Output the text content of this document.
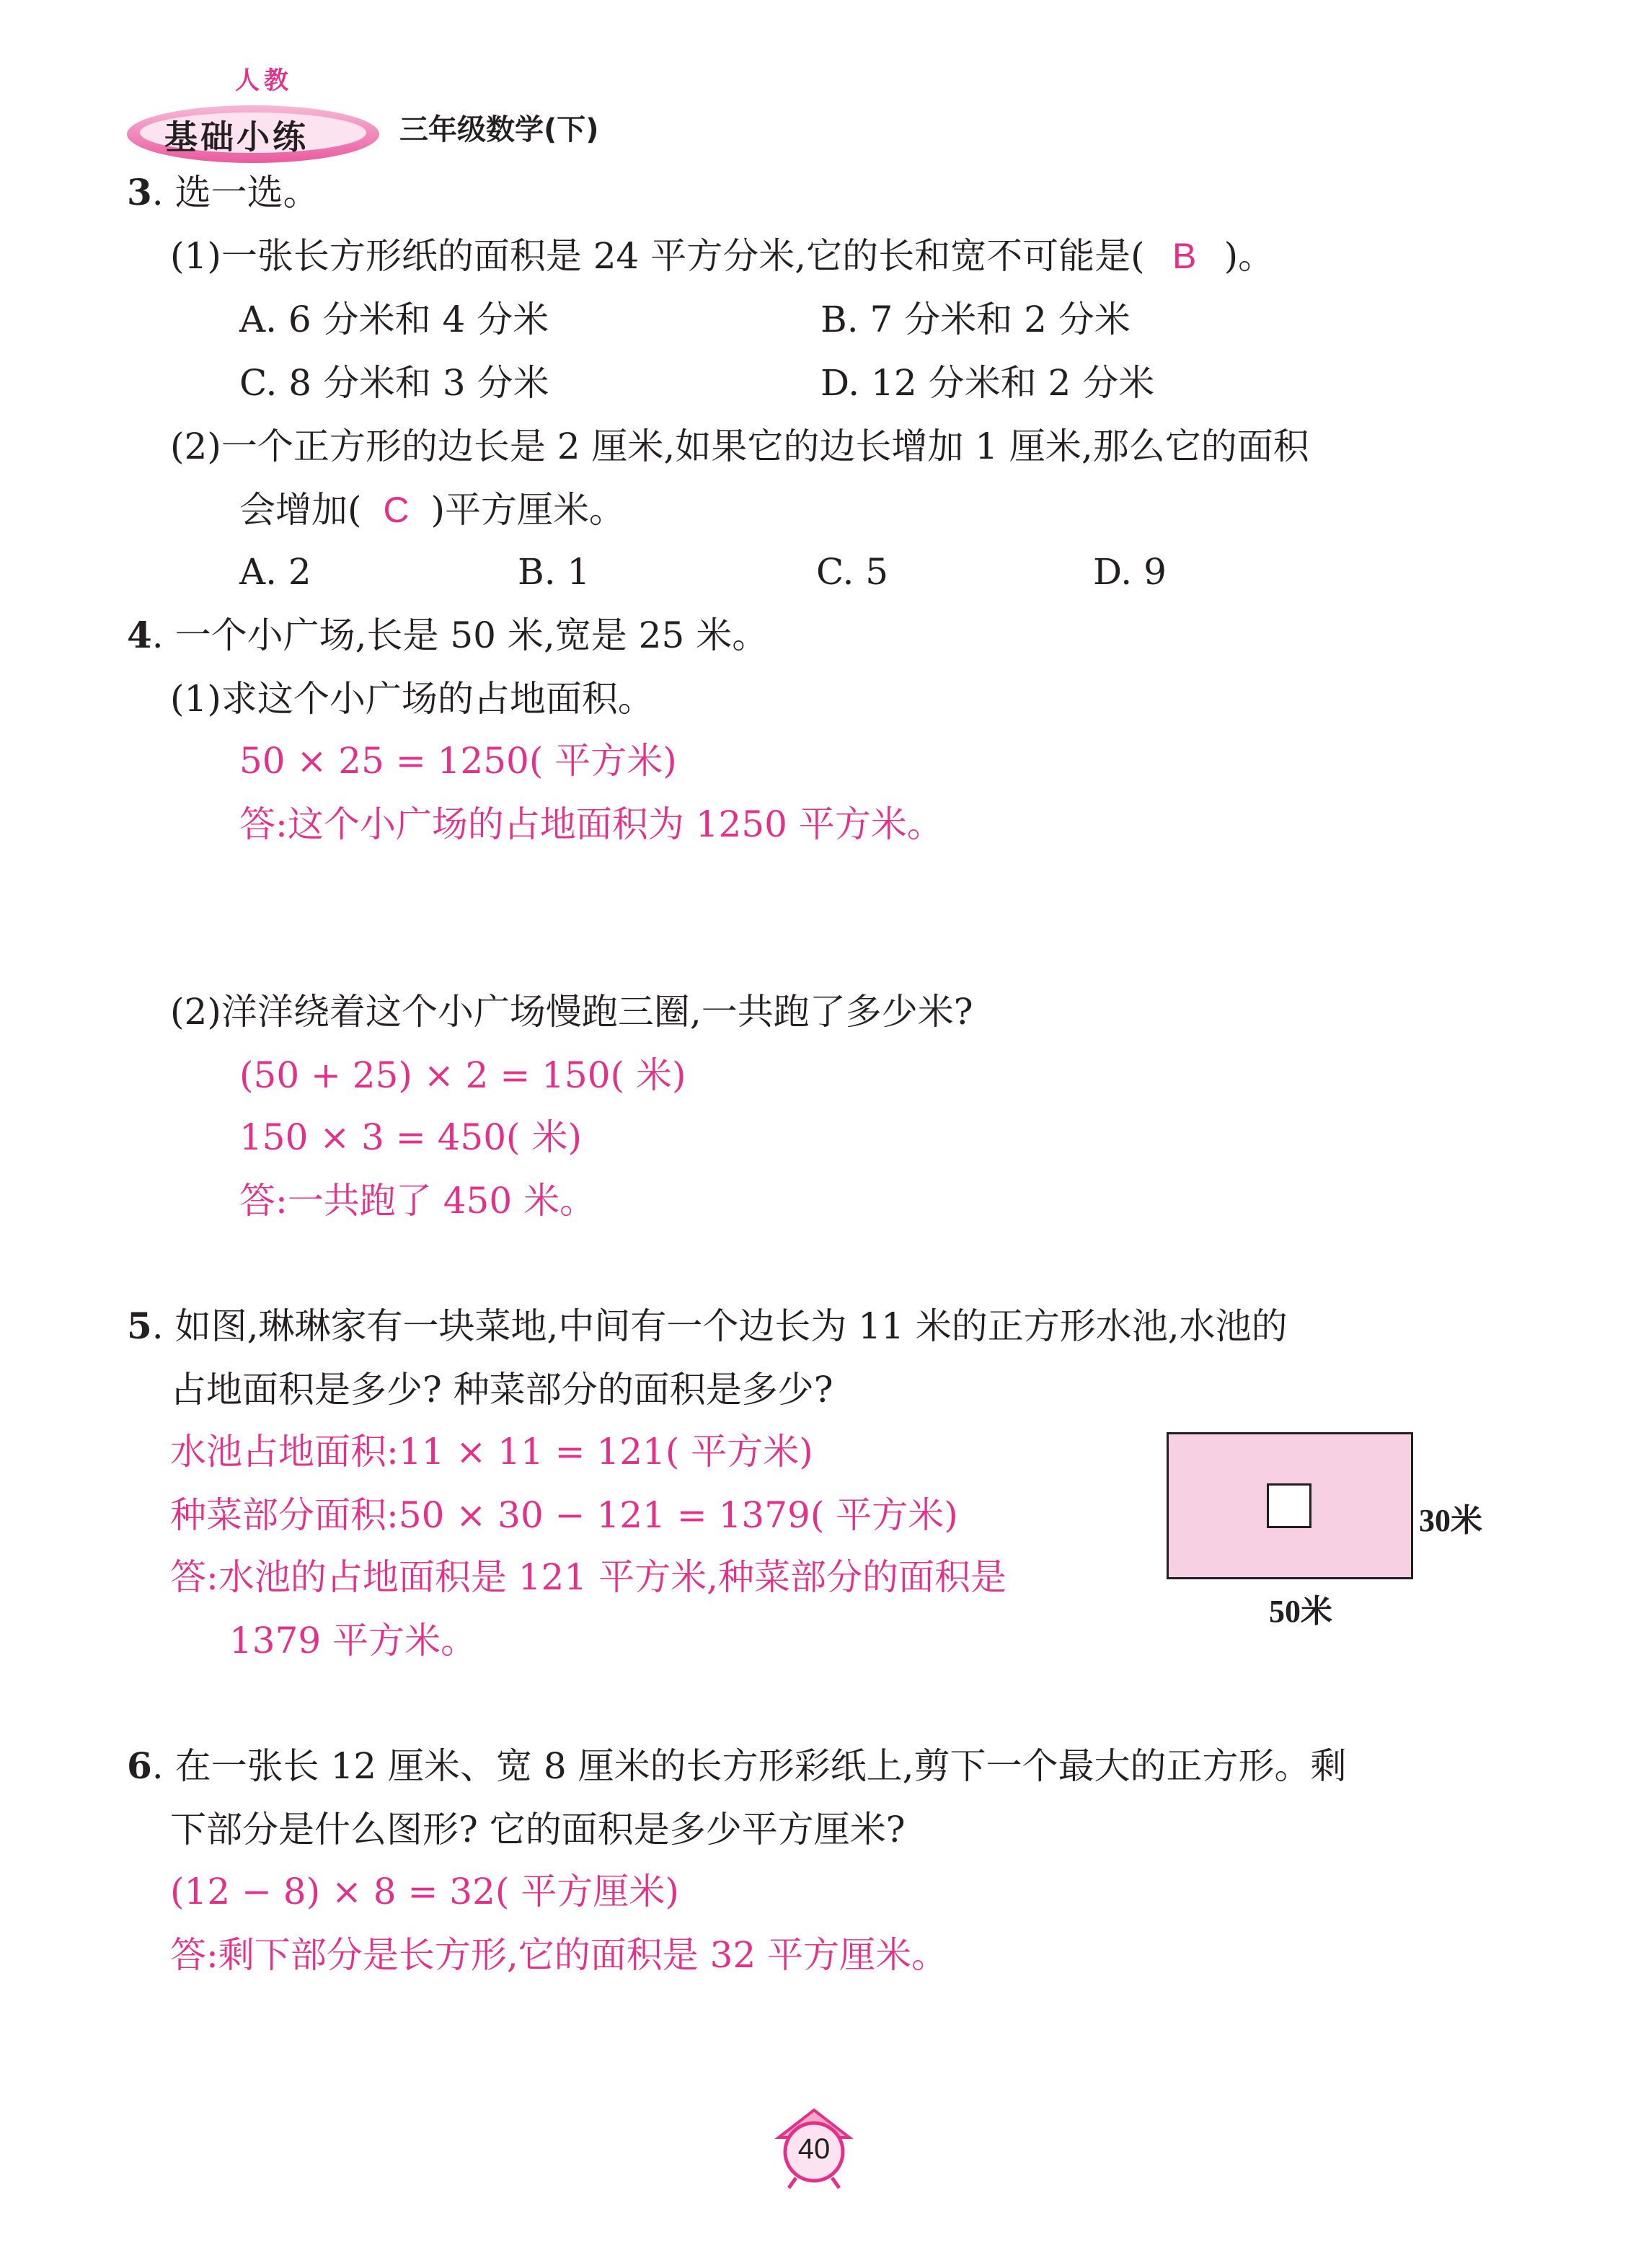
人教
基础小练	三年级数学(下)
3. 选一选。
(1)一张长方形纸的面积是 24 平方分米,它的长和宽不可能是( B )。
A. 6 分米和 4 分米	B. 7 分米和 2 分米
C. 8 分米和 3 分米	D. 12 分米和 2 分米
(2)一个正方形的边长是 2 厘米,如果它的边长增加 1 厘米,那么它的面积
会增加( C )平方厘米。
A. 2	B. 1	C. 5	D. 9
4. 一个小广场,长是 50 米,宽是 25 米。
(1)求这个小广场的占地面积。
50 × 25 = 1250( 平方米)
答:这个小广场的占地面积为 1250 平方米。
(2)洋洋绕着这个小广场慢跑三圈,一共跑了多少米?
(50 + 25) × 2 = 150( 米)
150 × 3 = 450( 米)
答:一共跑了 450 米。
5. 如图,琳琳家有一块菜地,中间有一个边长为 11 米的正方形水池,水池的
占地面积是多少? 种菜部分的面积是多少?
水池占地面积:11 × 11 = 121( 平方米)
种菜部分面积:50 × 30 − 121 = 1379( 平方米)
答:水池的占地面积是 121 平方米,种菜部分的面积是
1379 平方米。
30米
50米
6. 在一张长 12 厘米、宽 8 厘米的长方形彩纸上,剪下一个最大的正方形。剩
下部分是什么图形? 它的面积是多少平方厘米?
(12 − 8) × 8 = 32( 平方厘米)
答:剩下部分是长方形,它的面积是 32 平方厘米。
40
